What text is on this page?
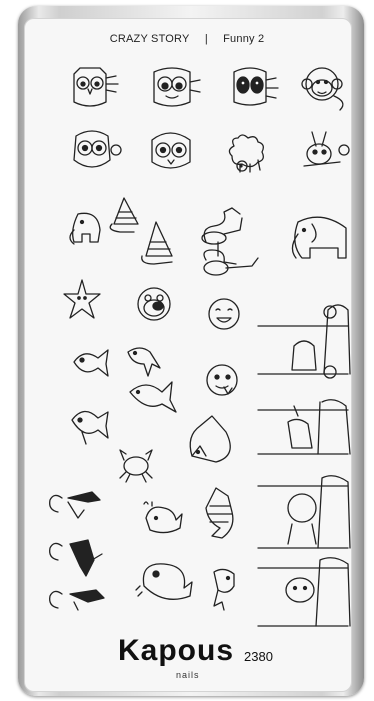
CRAZY STORY | Funny 2
Kapous
nails
2380
